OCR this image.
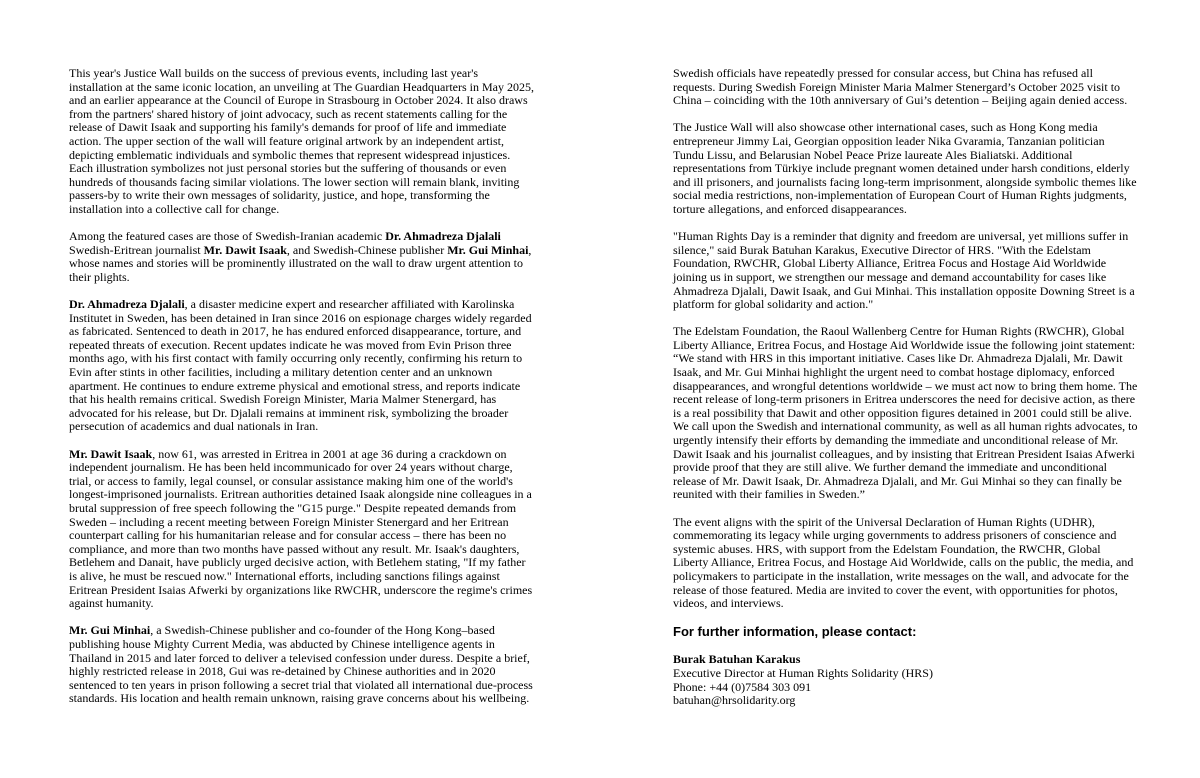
This year's Justice Wall builds on the success of previous events, including last year's installation at the same iconic location, an unveiling at The Guardian Headquarters in May 2025, and an earlier appearance at the Council of Europe in Strasbourg in October 2024. It also draws from the partners' shared history of joint advocacy, such as recent statements calling for the release of Dawit Isaak and supporting his family's demands for proof of life and immediate action. The upper section of the wall will feature original artwork by an independent artist, depicting emblematic individuals and symbolic themes that represent widespread injustices. Each illustration symbolizes not just personal stories but the suffering of thousands or even hundreds of thousands facing similar violations. The lower section will remain blank, inviting passers-by to write their own messages of solidarity, justice, and hope, transforming the installation into a collective call for change.

Among the featured cases are those of Swedish-Iranian academic Dr. Ahmadreza Djalali Swedish-Eritrean journalist Mr. Dawit Isaak, and Swedish-Chinese publisher Mr. Gui Minhai, whose names and stories will be prominently illustrated on the wall to draw urgent attention to their plights.

Dr. Ahmadreza Djalali, a disaster medicine expert and researcher affiliated with Karolinska Institutet in Sweden, has been detained in Iran since 2016 on espionage charges widely regarded as fabricated. Sentenced to death in 2017, he has endured enforced disappearance, torture, and repeated threats of execution. Recent updates indicate he was moved from Evin Prison three months ago, with his first contact with family occurring only recently, confirming his return to Evin after stints in other facilities, including a military detention center and an unknown apartment. He continues to endure extreme physical and emotional stress, and reports indicate that his health remains critical. Swedish Foreign Minister, Maria Malmer Stenergard, has advocated for his release, but Dr. Djalali remains at imminent risk, symbolizing the broader persecution of academics and dual nationals in Iran.

Mr. Dawit Isaak, now 61, was arrested in Eritrea in 2001 at age 36 during a crackdown on independent journalism. He has been held incommunicado for over 24 years without charge, trial, or access to family, legal counsel, or consular assistance making him one of the world's longest-imprisoned journalists. Eritrean authorities detained Isaak alongside nine colleagues in a brutal suppression of free speech following the "G15 purge." Despite repeated demands from Sweden – including a recent meeting between Foreign Minister Stenergard and her Eritrean counterpart calling for his humanitarian release and for consular access – there has been no compliance, and more than two months have passed without any result. Mr. Isaak's daughters, Betlehem and Danait, have publicly urged decisive action, with Betlehem stating, "If my father is alive, he must be rescued now." International efforts, including sanctions filings against Eritrean President Isaias Afwerki by organizations like RWCHR, underscore the regime's crimes against humanity.

Mr. Gui Minhai, a Swedish-Chinese publisher and co-founder of the Hong Kong–based publishing house Mighty Current Media, was abducted by Chinese intelligence agents in Thailand in 2015 and later forced to deliver a televised confession under duress. Despite a brief, highly restricted release in 2018, Gui was re-detained by Chinese authorities and in 2020 sentenced to ten years in prison following a secret trial that violated all international due-process standards. His location and health remain unknown, raising grave concerns about his wellbeing.

Swedish officials have repeatedly pressed for consular access, but China has refused all requests. During Swedish Foreign Minister Maria Malmer Stenergard’s October 2025 visit to China – coinciding with the 10th anniversary of Gui’s detention – Beijing again denied access.

The Justice Wall will also showcase other international cases, such as Hong Kong media entrepreneur Jimmy Lai, Georgian opposition leader Nika Gvaramia, Tanzanian politician Tundu Lissu, and Belarusian Nobel Peace Prize laureate Ales Bialiatski. Additional representations from Türkiye include pregnant women detained under harsh conditions, elderly and ill prisoners, and journalists facing long-term imprisonment, alongside symbolic themes like social media restrictions, non-implementation of European Court of Human Rights judgments, torture allegations, and enforced disappearances.

"Human Rights Day is a reminder that dignity and freedom are universal, yet millions suffer in silence," said Burak Batuhan Karakus, Executive Director of HRS. "With the Edelstam Foundation, RWCHR, Global Liberty Alliance, Eritrea Focus and Hostage Aid Worldwide joining us in support, we strengthen our message and demand accountability for cases like Ahmadreza Djalali, Dawit Isaak, and Gui Minhai. This installation opposite Downing Street is a platform for global solidarity and action."

The Edelstam Foundation, the Raoul Wallenberg Centre for Human Rights (RWCHR), Global Liberty Alliance, Eritrea Focus, and Hostage Aid Worldwide issue the following joint statement: “We stand with HRS in this important initiative. Cases like Dr. Ahmadreza Djalali, Mr. Dawit Isaak, and Mr. Gui Minhai highlight the urgent need to combat hostage diplomacy, enforced disappearances, and wrongful detentions worldwide – we must act now to bring them home. The recent release of long-term prisoners in Eritrea underscores the need for decisive action, as there is a real possibility that Dawit and other opposition figures detained in 2001 could still be alive. We call upon the Swedish and international community, as well as all human rights advocates, to urgently intensify their efforts by demanding the immediate and unconditional release of Mr. Dawit Isaak and his journalist colleagues, and by insisting that Eritrean President Isaias Afwerki provide proof that they are still alive. We further demand the immediate and unconditional release of Mr. Dawit Isaak, Dr. Ahmadreza Djalali, and Mr. Gui Minhai so they can finally be reunited with their families in Sweden.”

The event aligns with the spirit of the Universal Declaration of Human Rights (UDHR), commemorating its legacy while urging governments to address prisoners of conscience and systemic abuses. HRS, with support from the Edelstam Foundation, the RWCHR, Global Liberty Alliance, Eritrea Focus, and Hostage Aid Worldwide, calls on the public, the media, and policymakers to participate in the installation, write messages on the wall, and advocate for the release of those featured. Media are invited to cover the event, with opportunities for photos, videos, and interviews.

For further information, please contact:
Burak Batuhan Karakus
Executive Director at Human Rights Solidarity (HRS)
Phone: +44 (0)7584 303 091
batuhan@hrsolidarity.org
